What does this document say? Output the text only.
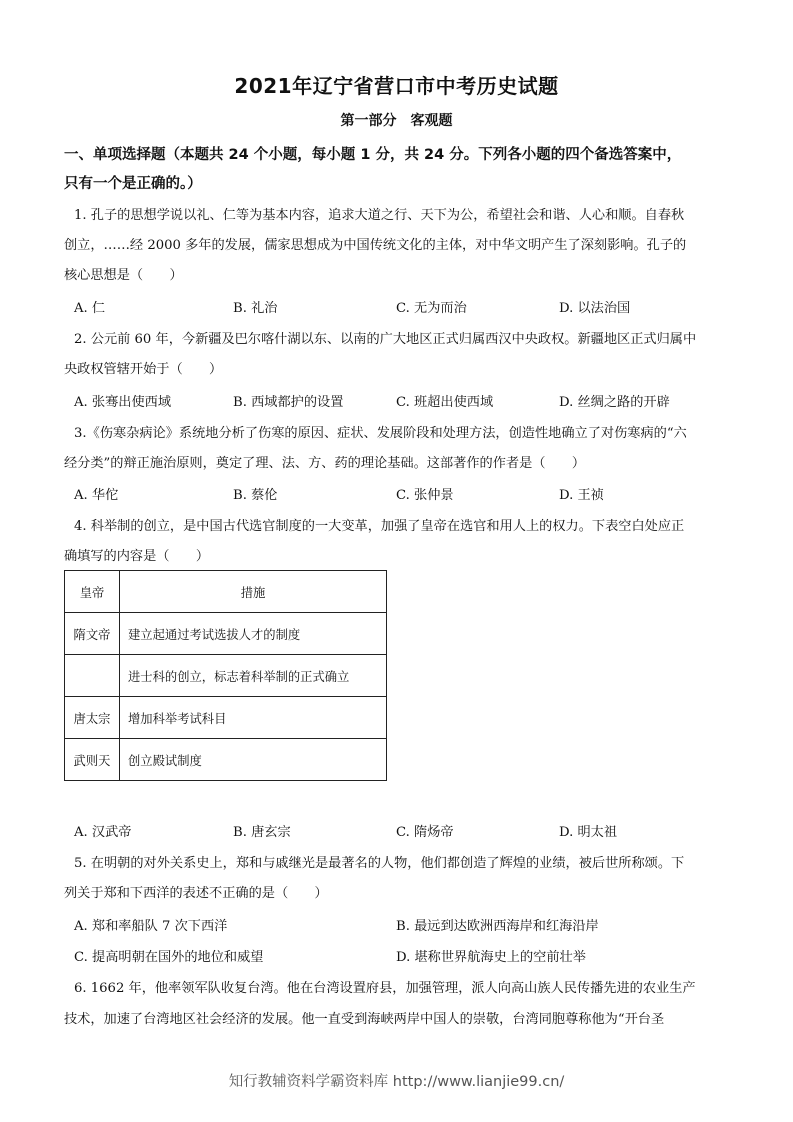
2021年辽宁省营口市中考历史试题
第一部分　客观题
一、单项选择题（本题共 24 个小题，每小题 1 分，共 24 分。下列各小题的四个备选答案中，
只有一个是正确的。）
1. 孔子的思想学说以礼、仁等为基本内容，追求大道之行、天下为公，希望社会和谐、人心和顺。自春秋
创立，……经 2000 多年的发展，儒家思想成为中国传统文化的主体，对中华文明产生了深刻影响。孔子的
核心思想是（　　）
A. 仁	B. 礼治	C. 无为而治	D. 以法治国
2. 公元前 60 年，今新疆及巴尔喀什湖以东、以南的广大地区正式归属西汉中央政权。新疆地区正式归属中
央政权管辖开始于（　　）
A. 张骞出使西域	B. 西域都护的设置	C. 班超出使西域	D. 丝绸之路的开辟
3.《伤寒杂病论》系统地分析了伤寒的原因、症状、发展阶段和处理方法，创造性地确立了对伤寒病的“六
经分类”的辩正施治原则，奠定了理、法、方、药的理论基础。这部著作的作者是（　　）
A. 华佗	B. 蔡伦	C. 张仲景	D. 王祯
4. 科举制的创立，是中国古代选官制度的一大变革，加强了皇帝在选官和用人上的权力。下表空白处应正
确填写的内容是（　　）
皇帝	措施
隋文帝	建立起通过考试选拔人才的制度
	进士科的创立，标志着科举制的正式确立
唐太宗	增加科举考试科目
武则天	创立殿试制度
A. 汉武帝	B. 唐玄宗	C. 隋炀帝	D. 明太祖
5. 在明朝的对外关系史上，郑和与戚继光是最著名的人物，他们都创造了辉煌的业绩，被后世所称颂。下
列关于郑和下西洋的表述不正确的是（　　）
A. 郑和率船队 7 次下西洋	B. 最远到达欧洲西海岸和红海沿岸
C. 提高明朝在国外的地位和威望	D. 堪称世界航海史上的空前壮举
6. 1662 年，他率领军队收复台湾。他在台湾设置府县，加强管理，派人向高山族人民传播先进的农业生产
技术，加速了台湾地区社会经济的发展。他一直受到海峡两岸中国人的崇敬，台湾同胞尊称他为“开台圣
知行教辅资料学霸资料库 http://www.lianjie99.cn/
